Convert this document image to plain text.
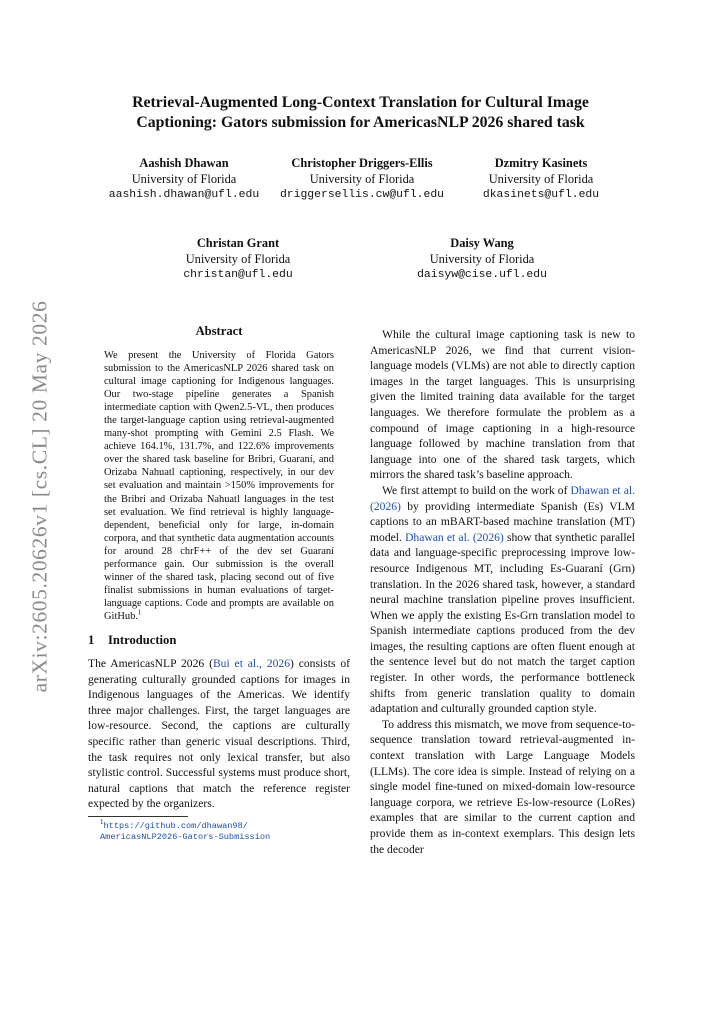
arXiv:2605.20626v1 [cs.CL] 20 May 2026
Retrieval-Augmented Long-Context Translation for Cultural Image
Captioning: Gators submission for AmericasNLP 2026 shared task
Aashish Dhawan
University of Florida
aashish.dhawan@ufl.edu
Christopher Driggers-Ellis
University of Florida
driggersellis.cw@ufl.edu
Dzmitry Kasinets
University of Florida
dkasinets@ufl.edu
Christan Grant
University of Florida
christan@ufl.edu
Daisy Wang
University of Florida
daisyw@cise.ufl.edu
Abstract

We present the University of Florida Gators submission to the AmericasNLP 2026 shared task on cultural image captioning for Indigenous languages. Our two-stage pipeline generates a Spanish intermediate caption with Qwen2.5-VL, then produces the target-language caption using retrieval-augmented many-shot prompting with Gemini 2.5 Flash. We achieve 164.1%, 131.7%, and 122.6% improvements over the shared task baseline for Bribri, Guaraní, and Orizaba Nahuatl captioning, respectively, in our dev set evaluation and maintain >150% improvements for the Bribri and Orizaba Nahuatl languages in the test set evaluation. We find retrieval is highly language-dependent, beneficial only for large, in-domain corpora, and that synthetic data augmentation accounts for around 28 chrF++ of the dev set Guaraní performance gain. Our submission is the overall winner of the shared task, placing second out of five finalist submissions in human evaluations of target-language captions. Code and prompts are available on GitHub.$^1$

1 Introduction

The AmericasNLP 2026 (Bui et al., 2026) consists of generating culturally grounded captions for images in Indigenous languages of the Americas. We identify three major challenges. First, the target languages are low-resource. Second, the captions are culturally specific rather than generic visual descriptions. Third, the task requires not only lexical transfer, but also stylistic control. Successful systems must produce short, natural captions that match the reference register expected by the organizers.

$^1$https://github.com/dhawan98/
AmericasNLP2026-Gators-Submission

While the cultural image captioning task is new to AmericasNLP 2026, we find that current vision-language models (VLMs) are not able to directly caption images in the target languages. This is unsurprising given the limited training data available for the target languages. We therefore formulate the problem as a compound of image captioning in a high-resource language followed by machine translation from that language into one of the shared task targets, which mirrors the shared task’s baseline approach.

We first attempt to build on the work of Dhawan et al. (2026) by providing intermediate Spanish (Es) VLM captions to an mBART-based machine translation (MT) model. Dhawan et al. (2026) show that synthetic parallel data and language-specific preprocessing improve low-resource Indigenous MT, including Es-Guaraní (Grn) translation. In the 2026 shared task, however, a standard neural machine translation pipeline proves insufficient. When we apply the existing Es-Grn translation model to Spanish intermediate captions produced from the dev images, the resulting captions are often fluent enough at the sentence level but do not match the target caption register. In other words, the performance bottleneck shifts from generic translation quality to domain adaptation and culturally grounded caption style.

To address this mismatch, we move from sequence-to-sequence translation toward retrieval-augmented in-context translation with Large Language Models (LLMs). The core idea is simple. Instead of relying on a single model fine-tuned on mixed-domain low-resource language corpora, we retrieve Es-low-resource (LoRes) examples that are similar to the current caption and provide them as in-context exemplars. This design lets the decoder
